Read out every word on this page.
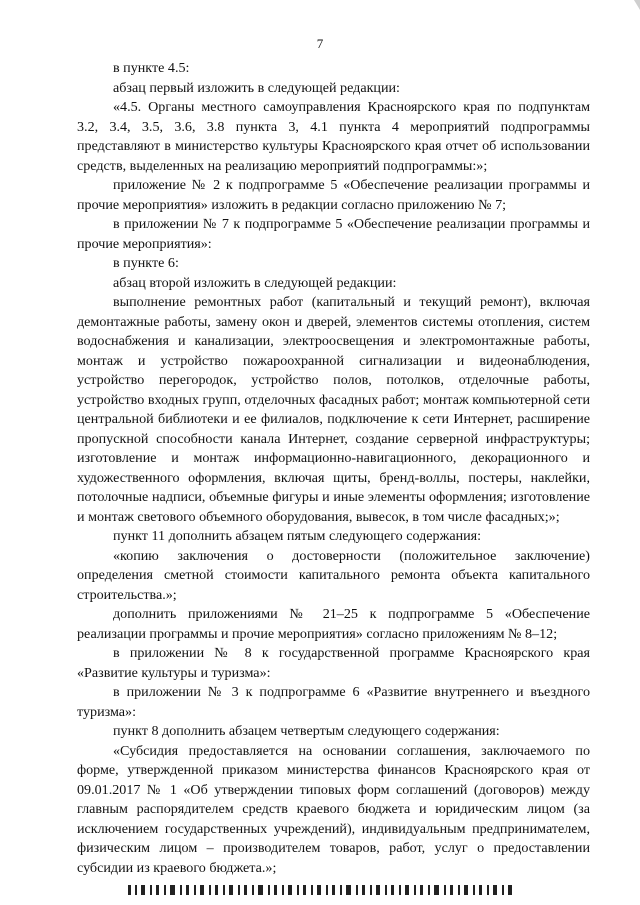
7

в пункте 4.5:

абзац первый изложить в следующей редакции:

«4.5. Органы местного самоуправления Красноярского края по подпунктам 3.2, 3.4, 3.5, 3.6, 3.8 пункта 3, 4.1 пункта 4 мероприятий подпрограммы представляют в министерство культуры Красноярского края отчет об использовании средств, выделенных на реализацию мероприятий подпрограммы:»;

приложение № 2 к подпрограмме 5 «Обеспечение реализации программы и прочие мероприятия» изложить в редакции согласно приложению № 7;

в приложении № 7 к подпрограмме 5 «Обеспечение реализации программы и прочие мероприятия»:

в пункте 6:

абзац второй изложить в следующей редакции:

выполнение ремонтных работ (капитальный и текущий ремонт), включая демонтажные работы, замену окон и дверей, элементов системы отопления, систем водоснабжения и канализации, электроосвещения и электромонтажные работы, монтаж и устройство пожароохранной сигнализации и видеонаблюдения, устройство перегородок, устройство полов, потолков, отделочные работы, устройство входных групп, отделочных фасадных работ; монтаж компьютерной сети центральной библиотеки и ее филиалов, подключение к сети Интернет, расширение пропускной способности канала Интернет, создание серверной инфраструктуры; изготовление и монтаж информационно-навигационного, декорационного и художественного оформления, включая щиты, бренд-воллы, постеры, наклейки, потолочные надписи, объемные фигуры и иные элементы оформления; изготовление и монтаж светового объемного оборудования, вывесок, в том числе фасадных;»;

пункт 11 дополнить абзацем пятым следующего содержания:

«копию заключения о достоверности (положительное заключение) определения сметной стоимости капитального ремонта объекта капитального строительства.»;

дополнить приложениями № 21–25 к подпрограмме 5 «Обеспечение реализации программы и прочие мероприятия» согласно приложениям № 8–12;

в приложении № 8 к государственной программе Красноярского края «Развитие культуры и туризма»:

в приложении № 3 к подпрограмме 6 «Развитие внутреннего и въездного туризма»:

пункт 8 дополнить абзацем четвертым следующего содержания:

«Субсидия предоставляется на основании соглашения, заключаемого по форме, утвержденной приказом министерства финансов Красноярского края от 09.01.2017 № 1 «Об утверждении типовых форм соглашений (договоров) между главным распорядителем средств краевого бюджета и юридическим лицом (за исключением государственных учреждений), индивидуальным предпринимателем, физическим лицом – производителем товаров, работ, услуг о предоставлении субсидии из краевого бюджета.»;
